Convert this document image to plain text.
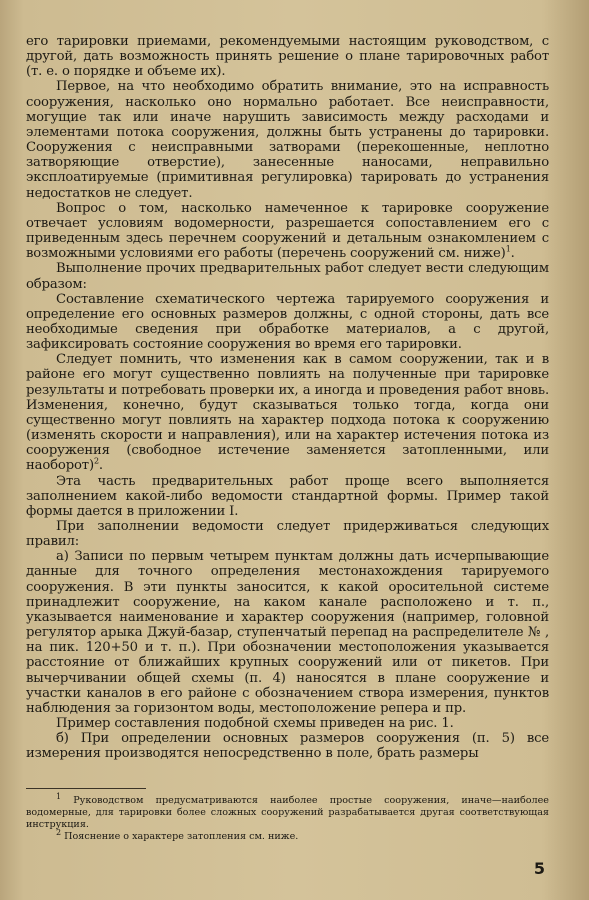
его тарировки приемами, рекомендуемыми настоящим руководством, с другой, дать возможность принять решение о плане тарировочных работ (т. е. о порядке и объеме их).

Первое, на что необходимо обратить внимание, это на исправность сооружения, насколько оно нормально работает. Все неисправности, могущие так или иначе нарушить зависимость между расходами и элементами потока сооружения, должны быть устранены до тарировки. Сооружения с неисправными затворами (перекошенные, неплотно затворяющие отверстие), занесенные наносами, неправильно эксплоатируемые (примитивная регулировка) тарировать до устранения недостатков не следует.

Вопрос о том, насколько намеченное к тарировке сооружение отвечает условиям водомерности, разрешается сопоставлением его с приведенным здесь перечнем сооружений и детальным ознакомлением с возможными условиями его работы (перечень сооружений см. ниже)$^1$.

Выполнение прочих предварительных работ следует вести следующим образом:

Составление схематического чертежа тарируемого сооружения и определение его основных размеров должны, с одной стороны, дать все необходимые сведения при обработке материалов, а с другой, зафиксировать состояние сооружения во время его тарировки.

Следует помнить, что изменения как в самом сооружении, так и в районе его могут существенно повлиять на полученные при тарировке результаты и потребовать проверки их, а иногда и проведения работ вновь. Изменения, конечно, будут сказываться только тогда, когда они существенно могут повлиять на характер подхода потока к сооружению (изменять скорости и направления), или на характер истечения потока из сооружения (свободное истечение заменяется затопленными, или наоборот)$^2$.

Эта часть предварительных работ проще всего выполняется заполнением какой-либо ведомости стандартной формы. Пример такой формы дается в приложении I.

При заполнении ведомости следует придерживаться следующих правил:

а) Записи по первым четырем пунктам должны дать исчерпывающие данные для точного определения местонахождения тарируемого сооружения. В эти пункты заносится, к какой оросительной системе принадлежит сооружение, на каком канале расположено и т. п., указывается наименование и характер сооружения (например, головной регулятор арыка Джуй-базар, ступенчатый перепад на распределителе № , на пик. 120+50 и т. п.). При обозначении местоположения указывается расстояние от ближайших крупных сооружений или от пикетов. При вычерчивании общей схемы (п. 4) наносятся в плане сооружение и участки каналов в его районе с обозначением створа измерения, пунктов наблюдения за горизонтом воды, местоположение репера и пр.

Пример составления подобной схемы приведен на рис. 1.

б) При определении основных размеров сооружения (п. 5) все измерения производятся непосредственно в поле, брать размеры

$^1$ Руководством предусматриваются наиболее простые сооружения, иначе—наиболее водомерные, для тарировки более сложных сооружений разрабатывается другая соответствующая инструкция.

$^2$ Пояснение о характере затопления см. ниже.

5
